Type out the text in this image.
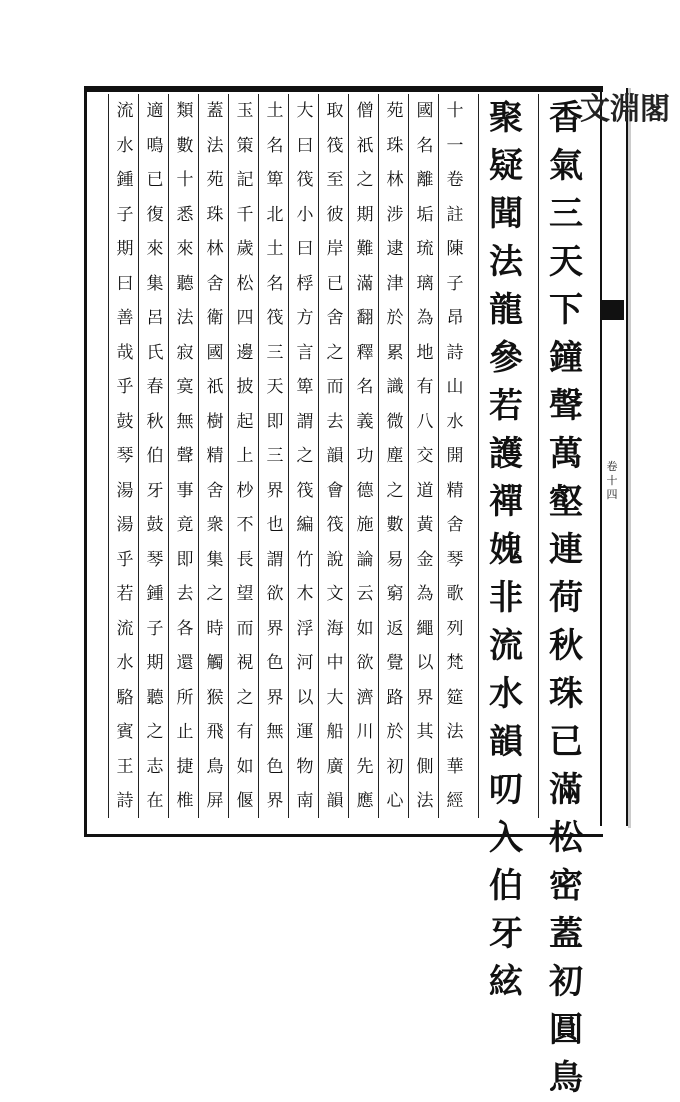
卷十四
文淵閣
香
氣
三
天
下
鐘
聲
萬
壑
連
荷
秋
珠
已
滿
松
密
蓋
初
圓
鳥
聚
疑
聞
法
龍
參
若
護
禪
媿
非
流
水
韻
叨
入
伯
牙
絃
十
一
卷
註
陳
子
昂
詩
山
水
開
精
舍
琴
歌
列
梵
筵
法
華
經
國
名
離
垢
琉
璃
為
地
有
八
交
道
黃
金
為
繩
以
界
其
側
法
苑
珠
林
涉
逮
津
於
累
識
微
塵
之
數
易
窮
返
覺
路
於
初
心
僧
祇
之
期
難
滿
翻
釋
名
義
功
德
施
論
云
如
欲
濟
川
先
應
取
筏
至
彼
岸
已
舍
之
而
去
韻
會
筏
說
文
海
中
大
船
廣
韻
大
曰
筏
小
曰
桴
方
言
箄
謂
之
筏
編
竹
木
浮
河
以
運
物
南
土
名
箄
北
土
名
筏
三
天
即
三
界
也
謂
欲
界
色
界
無
色
界
玉
策
記
千
歲
松
四
邊
披
起
上
杪
不
長
望
而
視
之
有
如
偃
蓋
法
苑
珠
林
舍
衛
國
祇
樹
精
舍
衆
集
之
時
觸
猴
飛
鳥
屏
類
數
十
悉
來
聽
法
寂
寞
無
聲
事
竟
即
去
各
還
所
止
捷
椎
適
鳴
已
復
來
集
呂
氏
春
秋
伯
牙
鼓
琴
鍾
子
期
聽
之
志
在
流
水
鍾
子
期
曰
善
哉
乎
鼓
琴
湯
湯
乎
若
流
水
駱
賓
王
詩
